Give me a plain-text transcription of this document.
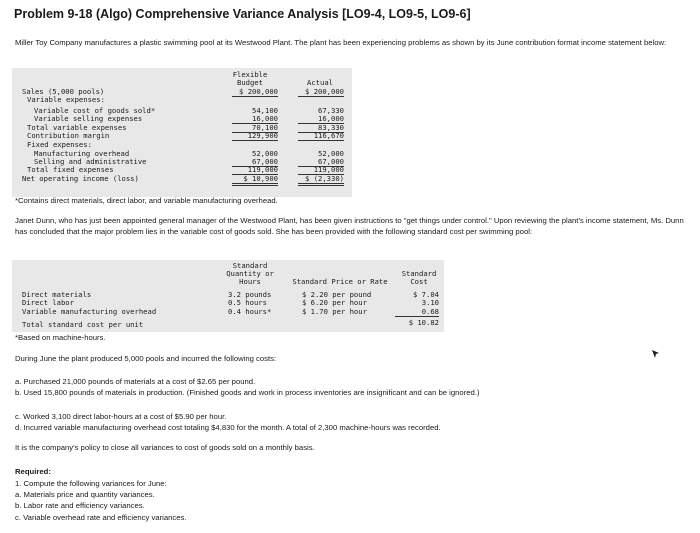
Problem 9-18 (Algo) Comprehensive Variance Analysis [LO9-4, LO9-5, LO9-6]
Miller Toy Company manufactures a plastic swimming pool at its Westwood Plant. The plant has been experiencing problems as shown by its June contribution format income statement below:
Flexible
Budget	Actual
Sales (5,000 pools)	$ 200,000	$ 200,000
Variable expenses:
Variable cost of goods sold*	54,100	67,330
Variable selling expenses	16,000	16,000
Total variable expenses	70,100	83,330
Contribution margin	129,900	116,670
Fixed expenses:
Manufacturing overhead	52,000	52,000
Selling and administrative	67,000	67,000
Total fixed expenses	119,000	119,000
Net operating income (loss)	$ 10,900	$ (2,330)
*Contains direct materials, direct labor, and variable manufacturing overhead.
Janet Dunn, who has just been appointed general manager of the Westwood Plant, has been given instructions to "get things under control." Upon reviewing the plant's income statement, Ms. Dunn has concluded that the major problem lies in the variable cost of goods sold. She has been provided with the following standard cost per swimming pool:
Standard
Quantity or
Hours	Standard Price or Rate
Standard
Cost
Direct materials	3.2 pounds	$ 2.20 per pound	$ 7.04
Direct labor	0.5 hours	$ 6.20 per hour	3.10
Variable manufacturing overhead	0.4 hours*	$ 1.70 per hour	0.68
Total standard cost per unit	$ 10.82
*Based on machine-hours.
During June the plant produced 5,000 pools and incurred the following costs:
a. Purchased 21,000 pounds of materials at a cost of $2.65 per pound.
b. Used 15,800 pounds of materials in production. (Finished goods and work in process inventories are insignificant and can be ignored.)
c. Worked 3,100 direct labor-hours at a cost of $5.90 per hour.
d. Incurred variable manufacturing overhead cost totaling $4,830 for the month. A total of 2,300 machine-hours was recorded.
It is the company's policy to close all variances to cost of goods sold on a monthly basis.
Required:
1. Compute the following variances for June:
a. Materials price and quantity variances.
b. Labor rate and efficiency variances.
c. Variable overhead rate and efficiency variances.
